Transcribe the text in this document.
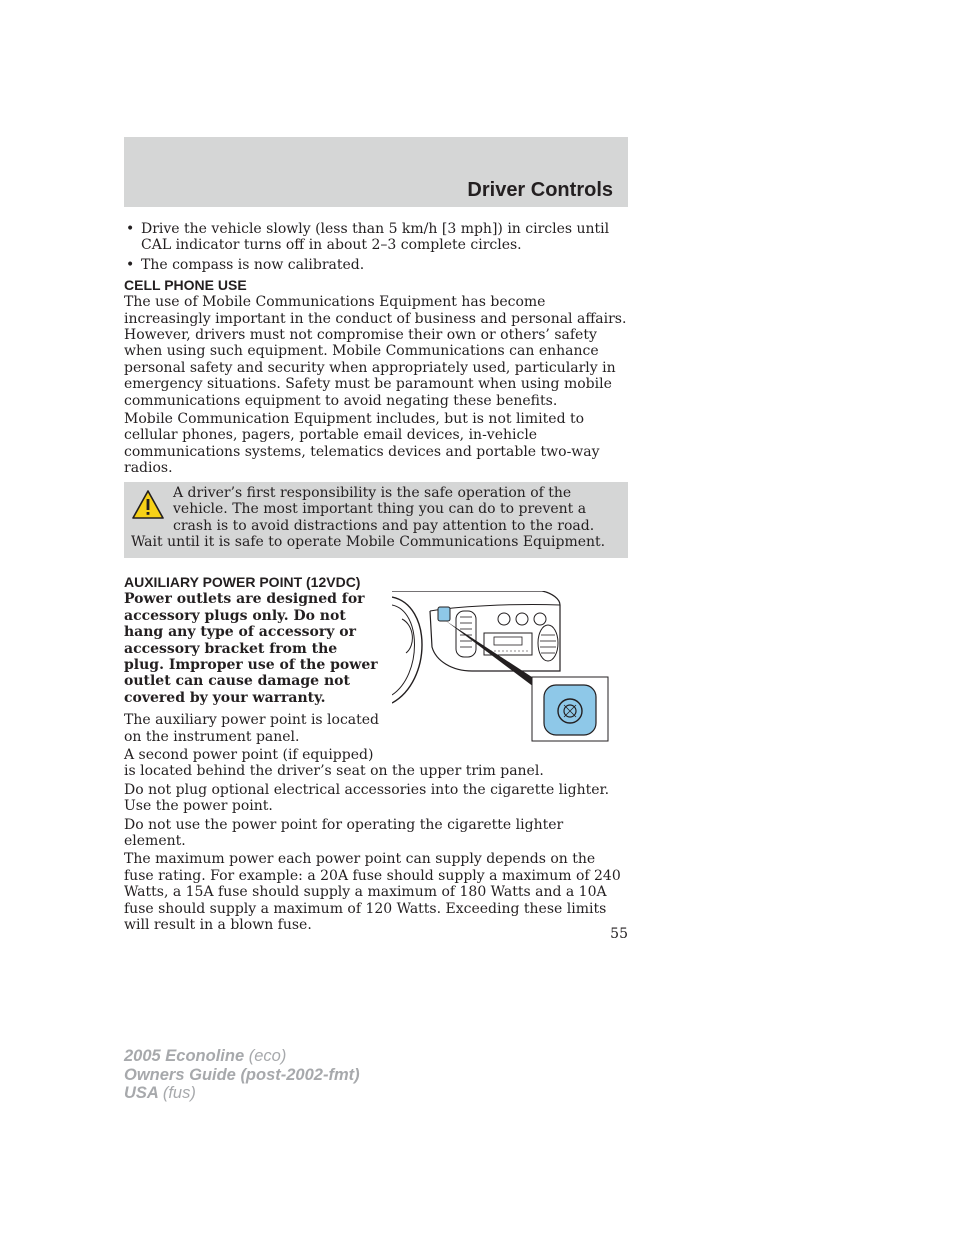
Driver Controls
• Drive the vehicle slowly (less than 5 km/h [3 mph]) in circles until CAL indicator turns off in about 2–3 complete circles.
• The compass is now calibrated.
CELL PHONE USE

The use of Mobile Communications Equipment has become increasingly important in the conduct of business and personal affairs. However, drivers must not compromise their own or others’ safety when using such equipment. Mobile Communications can enhance personal safety and security when appropriately used, particularly in emergency situations. Safety must be paramount when using mobile communications equipment to avoid negating these benefits.

Mobile Communication Equipment includes, but is not limited to cellular phones, pagers, portable email devices, in-vehicle communications systems, telematics devices and portable two-way radios.

A driver’s first responsibility is the safe operation of the vehicle. The most important thing you can do to prevent a crash is to avoid distractions and pay attention to the road. Wait until it is safe to operate Mobile Communications Equipment.
AUXILIARY POWER POINT (12VDC)

Power outlets are designed for accessory plugs only. Do not hang any type of accessory or accessory bracket from the plug. Improper use of the power outlet can cause damage not covered by your warranty.

The auxiliary power point is located on the instrument panel.

A second power point (if equipped)

is located behind the driver’s seat on the upper trim panel.

Do not plug optional electrical accessories into the cigarette lighter. Use the power point.

Do not use the power point for operating the cigarette lighter element.

The maximum power each power point can supply depends on the fuse rating. For example: a 20A fuse should supply a maximum of 240 Watts, a 15A fuse should supply a maximum of 180 Watts and a 10A fuse should supply a maximum of 120 Watts. Exceeding these limits will result in a blown fuse.

55
2005 Econoline (eco)
Owners Guide (post-2002-fmt)
USA (fus)
